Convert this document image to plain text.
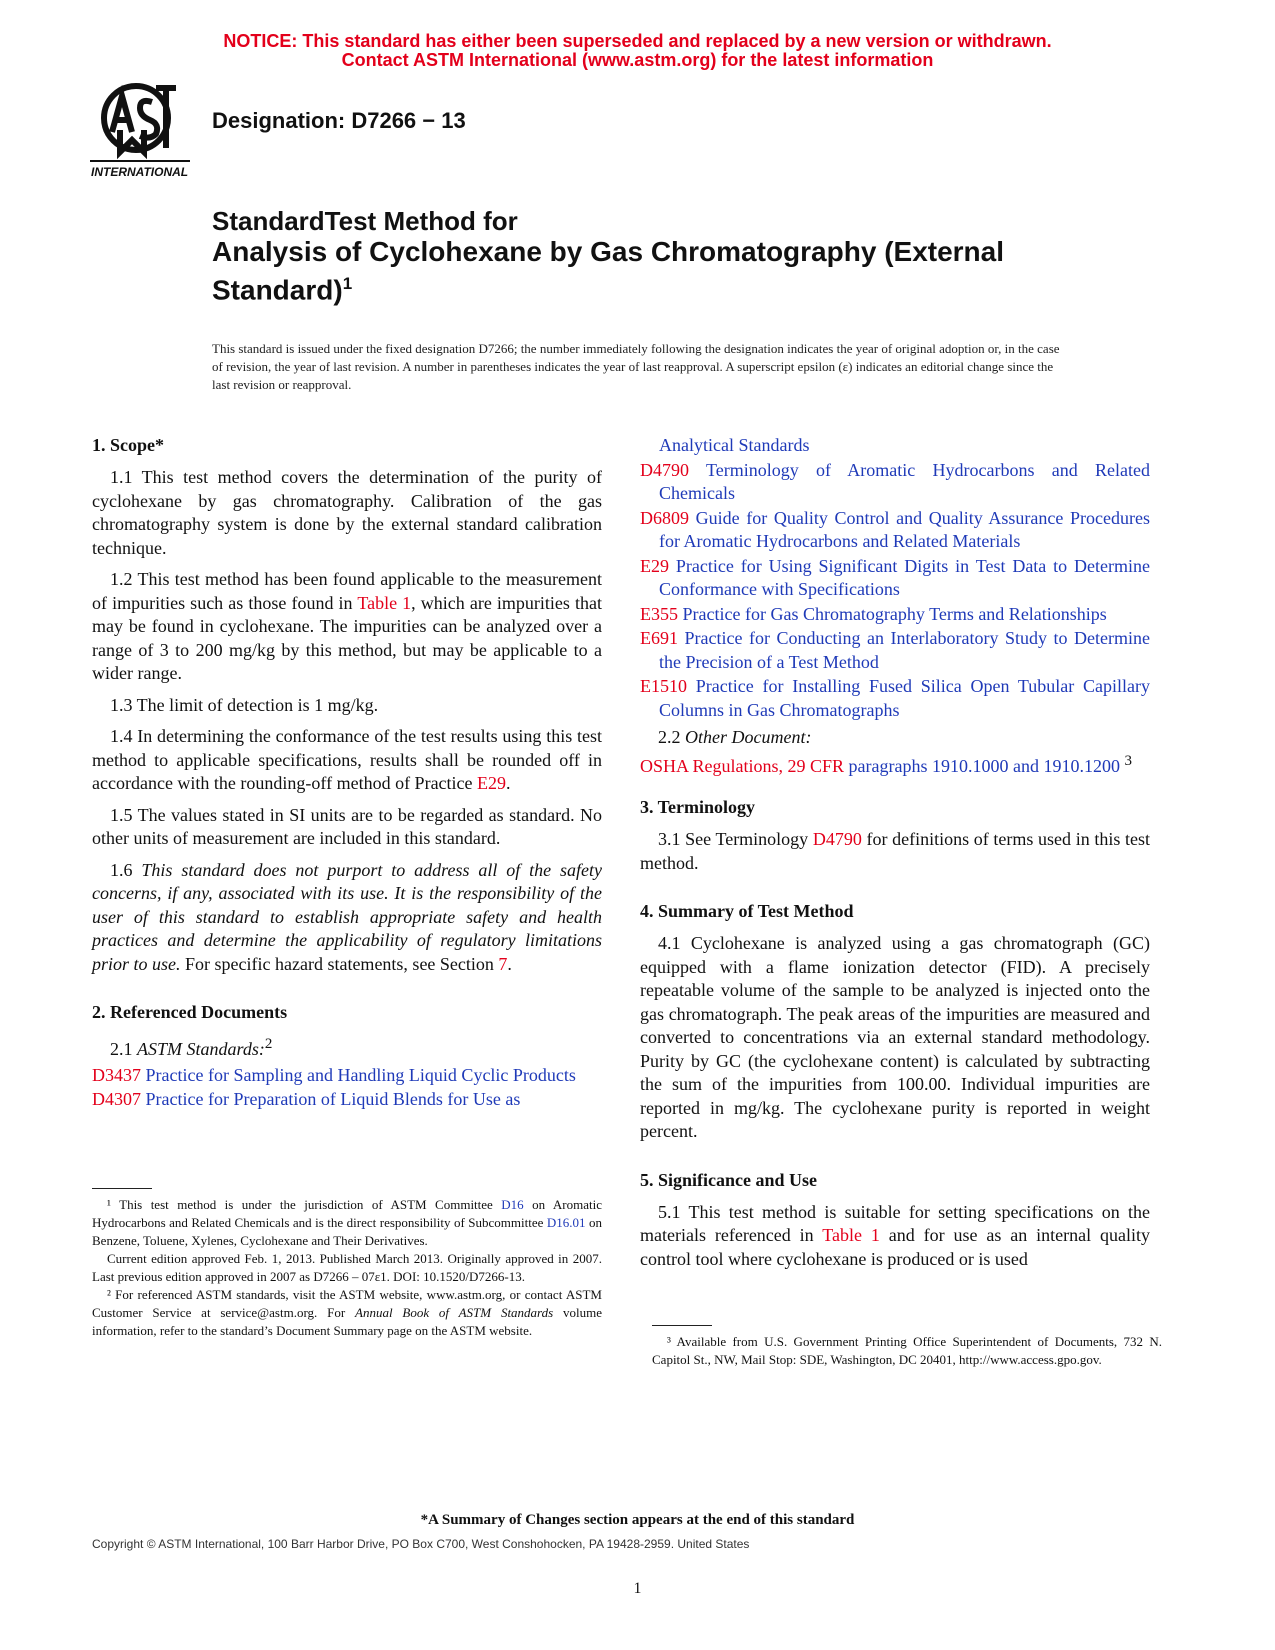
NOTICE: This standard has either been superseded and replaced by a new version or withdrawn.
Contact ASTM International (www.astm.org) for the latest information
INTERNATIONAL
Designation: D7266 − 13
StandardTest Method for
Analysis of Cyclohexane by Gas Chromatography (External Standard)$^1$
This standard is issued under the fixed designation D7266; the number immediately following the designation indicates the year of original adoption or, in the case of revision, the year of last revision. A number in parentheses indicates the year of last reapproval. A superscript epsilon (ε) indicates an editorial change since the last revision or reapproval.
1. Scope*

1.1 This test method covers the determination of the purity of cyclohexane by gas chromatography. Calibration of the gas chromatography system is done by the external standard calibration technique.

1.2 This test method has been found applicable to the measurement of impurities such as those found in Table 1, which are impurities that may be found in cyclohexane. The impurities can be analyzed over a range of 3 to 200 mg/kg by this method, but may be applicable to a wider range.

1.3 The limit of detection is 1 mg/kg.

1.4 In determining the conformance of the test results using this test method to applicable specifications, results shall be rounded off in accordance with the rounding-off method of Practice E29.

1.5 The values stated in SI units are to be regarded as standard. No other units of measurement are included in this standard.

1.6 This standard does not purport to address all of the safety concerns, if any, associated with its use. It is the responsibility of the user of this standard to establish appropriate safety and health practices and determine the applicability of regulatory limitations prior to use. For specific hazard statements, see Section 7.

2. Referenced Documents

2.1 ASTM Standards:$^2$

D3437 Practice for Sampling and Handling Liquid Cyclic Products
D4307 Practice for Preparation of Liquid Blends for Use as

¹ This test method is under the jurisdiction of ASTM Committee D16 on Aromatic Hydrocarbons and Related Chemicals and is the direct responsibility of Subcommittee D16.01 on Benzene, Toluene, Xylenes, Cyclohexane and Their Derivatives.

Current edition approved Feb. 1, 2013. Published March 2013. Originally approved in 2007. Last previous edition approved in 2007 as D7266 – 07ε1. DOI: 10.1520/D7266-13.

² For referenced ASTM standards, visit the ASTM website, www.astm.org, or contact ASTM Customer Service at service@astm.org. For Annual Book of ASTM Standards volume information, refer to the standard’s Document Summary page on the ASTM website.

Analytical Standards
D4790 Terminology of Aromatic Hydrocarbons and Related Chemicals
D6809 Guide for Quality Control and Quality Assurance Procedures for Aromatic Hydrocarbons and Related Materials
E29 Practice for Using Significant Digits in Test Data to Determine Conformance with Specifications
E355 Practice for Gas Chromatography Terms and Relationships
E691 Practice for Conducting an Interlaboratory Study to Determine the Precision of a Test Method
E1510 Practice for Installing Fused Silica Open Tubular Capillary Columns in Gas Chromatographs

2.2 Other Document:

OSHA Regulations, 29 CFR paragraphs 1910.1000 and 1910.1200 $^3$
3. Terminology

3.1 See Terminology D4790 for definitions of terms used in this test method.

4. Summary of Test Method

4.1 Cyclohexane is analyzed using a gas chromatograph (GC) equipped with a flame ionization detector (FID). A precisely repeatable volume of the sample to be analyzed is injected onto the gas chromatograph. The peak areas of the impurities are measured and converted to concentrations via an external standard methodology. Purity by GC (the cyclohexane content) is calculated by subtracting the sum of the impurities from 100.00. Individual impurities are reported in mg/kg. The cyclohexane purity is reported in weight percent.

5. Significance and Use

5.1 This test method is suitable for setting specifications on the materials referenced in Table 1 and for use as an internal quality control tool where cyclohexane is produced or is used

³ Available from U.S. Government Printing Office Superintendent of Documents, 732 N. Capitol St., NW, Mail Stop: SDE, Washington, DC 20401, http://www.access.gpo.gov.

*A Summary of Changes section appears at the end of this standard
Copyright © ASTM International, 100 Barr Harbor Drive, PO Box C700, West Conshohocken, PA 19428-2959. United States
1
